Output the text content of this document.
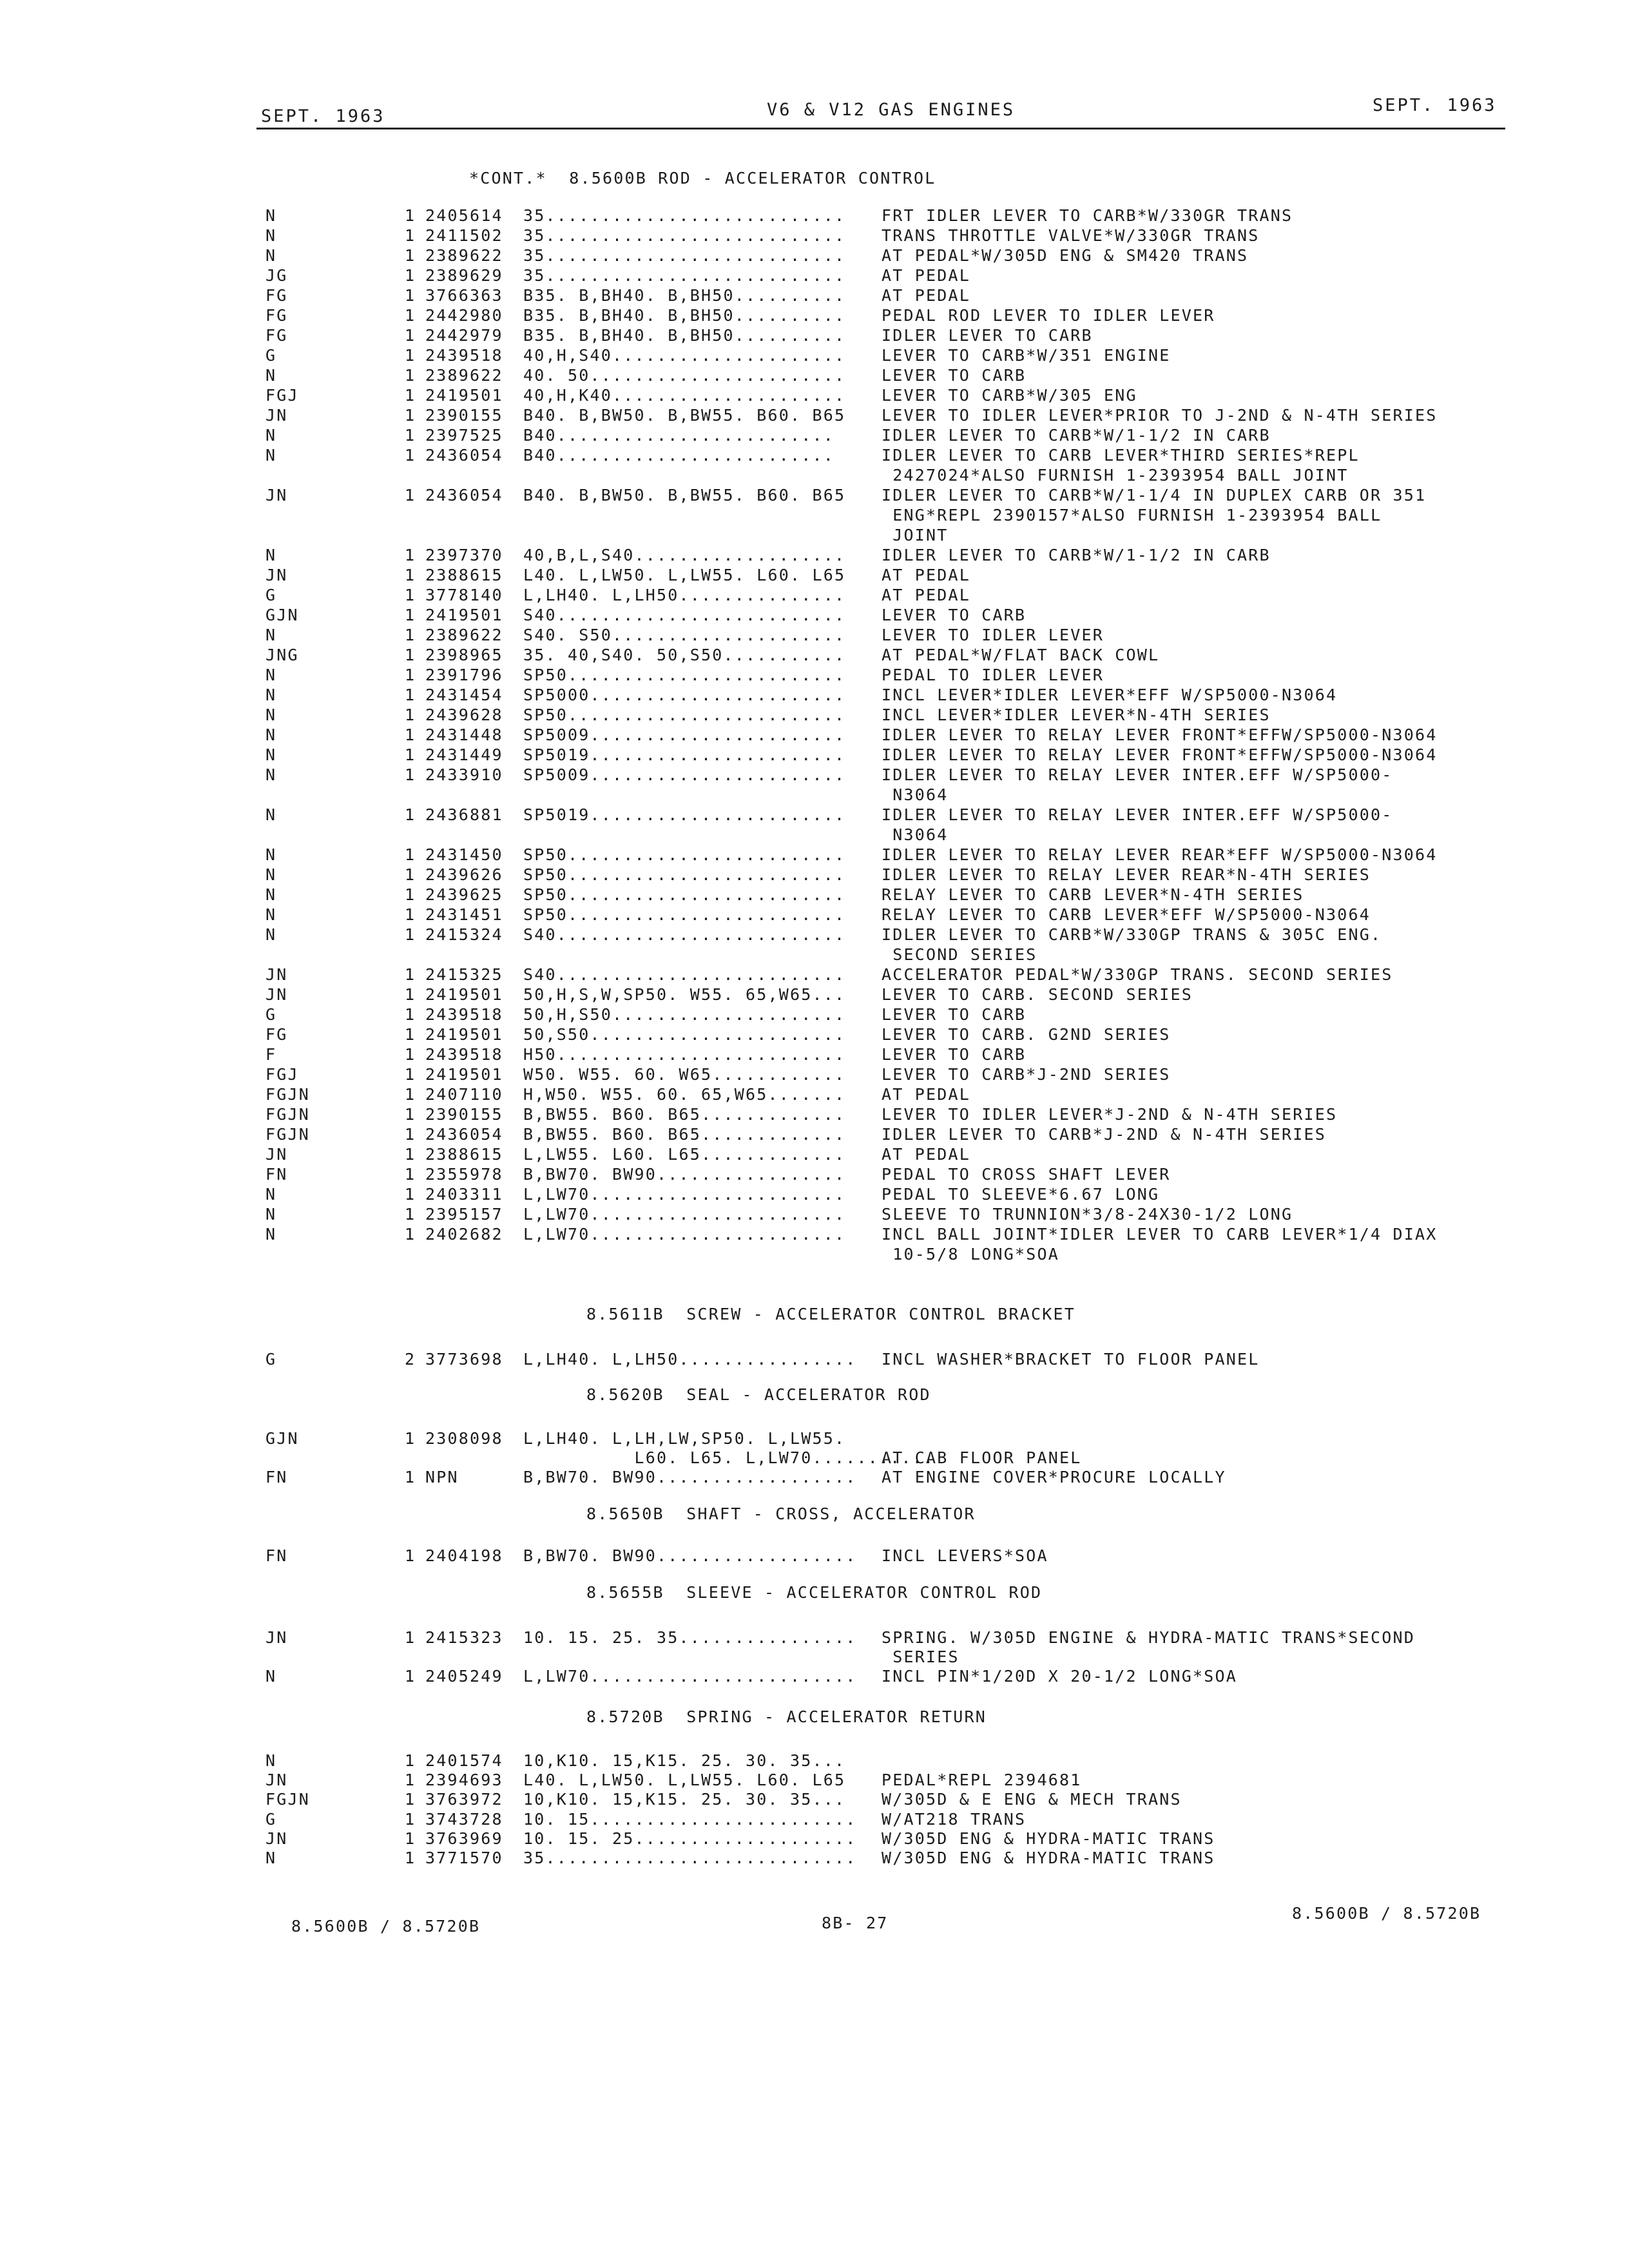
SEPT. 1963	V6 & V12 GAS ENGINES	SEPT. 1963
*CONT.*  8.5600B ROD - ACCELERATOR CONTROL
N	1 2405614 35........................... FRT IDLER LEVER TO CARB*W/330GR TRANS
N	1 2411502 35........................... TRANS THROTTLE VALVE*W/330GR TRANS
N	1 2389622 35........................... AT PEDAL*W/305D ENG & SM420 TRANS
JG	1 2389629 35........................... AT PEDAL
FG	1 3766363 B35. B,BH40. B,BH50.......... AT PEDAL
FG	1 2442980 B35. B,BH40. B,BH50.......... PEDAL ROD LEVER TO IDLER LEVER
FG	1 2442979 B35. B,BH40. B,BH50.......... IDLER LEVER TO CARB
G	1 2439518 40,H,S40..................... LEVER TO CARB*W/351 ENGINE
N	1 2389622 40. 50....................... LEVER TO CARB
FGJ	1 2419501 40,H,K40..................... LEVER TO CARB*W/305 ENG
JN	1 2390155 B40. B,BW50. B,BW55. B60. B65 LEVER TO IDLER LEVER*PRIOR TO J-2ND & N-4TH SERIES
N	1 2397525 B40.........................	IDLER LEVER TO CARB*W/1-1/2 IN CARB
N	1 2436054 B40.........................	IDLER LEVER TO CARB LEVER*THIRD SERIES*REPL
2427024*ALSO FURNISH 1-2393954 BALL JOINT
JN	1 2436054 B40. B,BW50. B,BW55. B60. B65 IDLER LEVER TO CARB*W/1-1/4 IN DUPLEX CARB OR 351
ENG*REPL 2390157*ALSO FURNISH 1-2393954 BALL
JOINT
N	1 2397370 40,B,L,S40................... IDLER LEVER TO CARB*W/1-1/2 IN CARB
JN	1 2388615 L40. L,LW50. L,LW55. L60. L65 AT PEDAL
G	1 3778140 L,LH40. L,LH50............... AT PEDAL
GJN	1 2419501 S40.......................... LEVER TO CARB
N	1 2389622 S40. S50..................... LEVER TO IDLER LEVER
JNG	1 2398965 35. 40,S40. 50,S50........... AT PEDAL*W/FLAT BACK COWL
N	1 2391796 SP50......................... PEDAL TO IDLER LEVER
N	1 2431454 SP5000....................... INCL LEVER*IDLER LEVER*EFF W/SP5000-N3064
N	1 2439628 SP50......................... INCL LEVER*IDLER LEVER*N-4TH SERIES
N	1 2431448 SP5009....................... IDLER LEVER TO RELAY LEVER FRONT*EFFW/SP5000-N3064
N	1 2431449 SP5019....................... IDLER LEVER TO RELAY LEVER FRONT*EFFW/SP5000-N3064
N	1 2433910 SP5009....................... IDLER LEVER TO RELAY LEVER INTER.EFF W/SP5000-
N3064
N	1 2436881 SP5019....................... IDLER LEVER TO RELAY LEVER INTER.EFF W/SP5000-
N3064
N	1 2431450 SP50......................... IDLER LEVER TO RELAY LEVER REAR*EFF W/SP5000-N3064
N	1 2439626 SP50......................... IDLER LEVER TO RELAY LEVER REAR*N-4TH SERIES
N	1 2439625 SP50......................... RELAY LEVER TO CARB LEVER*N-4TH SERIES
N	1 2431451 SP50......................... RELAY LEVER TO CARB LEVER*EFF W/SP5000-N3064
N	1 2415324 S40.......................... IDLER LEVER TO CARB*W/330GP TRANS & 305C ENG.
SECOND SERIES
JN	1 2415325 S40.......................... ACCELERATOR PEDAL*W/330GP TRANS. SECOND SERIES
JN	1 2419501 50,H,S,W,SP50. W55. 65,W65... LEVER TO CARB. SECOND SERIES
G	1 2439518 50,H,S50..................... LEVER TO CARB
FG	1 2419501 50,S50....................... LEVER TO CARB. G2ND SERIES
F	1 2439518 H50.......................... LEVER TO CARB
FGJ	1 2419501 W50. W55. 60. W65............ LEVER TO CARB*J-2ND SERIES
FGJN	1 2407110 H,W50. W55. 60. 65,W65....... AT PEDAL
FGJN	1 2390155 B,BW55. B60. B65............. LEVER TO IDLER LEVER*J-2ND & N-4TH SERIES
FGJN	1 2436054 B,BW55. B60. B65............. IDLER LEVER TO CARB*J-2ND & N-4TH SERIES
JN	1 2388615 L,LW55. L60. L65............. AT PEDAL
FN	1 2355978 B,BW70. BW90................. PEDAL TO CROSS SHAFT LEVER
N	1 2403311 L,LW70....................... PEDAL TO SLEEVE*6.67 LONG
N	1 2395157 L,LW70....................... SLEEVE TO TRUNNION*3/8-24X30-1/2 LONG
N	1 2402682 L,LW70....................... INCL BALL JOINT*IDLER LEVER TO CARB LEVER*1/4 DIAX
10-5/8 LONG*SOA
8.5611B  SCREW - ACCELERATOR CONTROL BRACKET
G	2 3773698 L,LH40. L,LH50................ INCL WASHER*BRACKET TO FLOOR PANEL
8.5620B  SEAL - ACCELERATOR ROD
GJN	1 2308098 L,LH40. L,LH,LW,SP50. L,LW55.
L60. L65. L,LW70...........
AT CAB FLOOR PANEL
FN	1 NPN	B,BW70. BW90.................. AT ENGINE COVER*PROCURE LOCALLY
8.5650B  SHAFT - CROSS, ACCELERATOR
FN	1 2404198 B,BW70. BW90.................. INCL LEVERS*SOA
8.5655B  SLEEVE - ACCELERATOR CONTROL ROD
JN	1 2415323 10. 15. 25. 35................ SPRING. W/305D ENGINE & HYDRA-MATIC TRANS*SECOND
SERIES
N	1 2405249 L,LW70........................ INCL PIN*1/20D X 20-1/2 LONG*SOA
8.5720B  SPRING - ACCELERATOR RETURN
N	1 2401574 10,K10. 15,K15. 25. 30. 35...
JN	1 2394693 L40. L,LW50. L,LW55. L60. L65 PEDAL*REPL 2394681
FGJN	1 3763972 10,K10. 15,K15. 25. 30. 35... W/305D & E ENG & MECH TRANS
G	1 3743728 10. 15........................ W/AT218 TRANS
JN	1 3763969 10. 15. 25.................... W/305D ENG & HYDRA-MATIC TRANS
N	1 3771570 35............................ W/305D ENG & HYDRA-MATIC TRANS
8.5600B / 8.5720B	8B- 27
8.5600B / 8.5720B
